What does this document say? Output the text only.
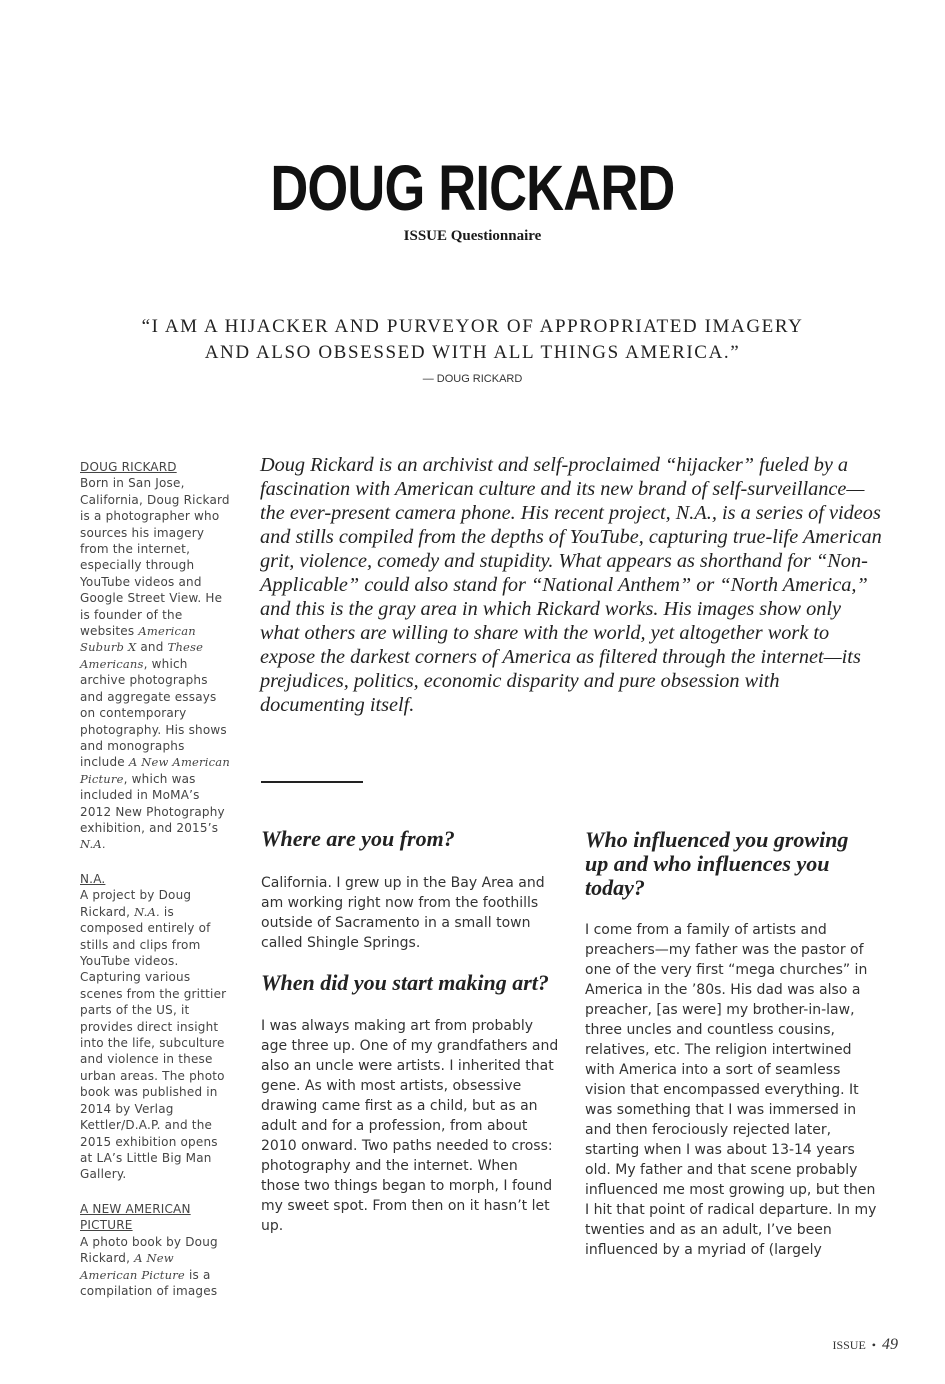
DOUG RICKARD
ISSUE Questionnaire
“I AM A HIJACKER AND PURVEYOR OF APPROPRIATED IMAGERY
AND ALSO OBSESSED WITH ALL THINGS AMERICA.”
— DOUG RICKARD
DOUG RICKARD

Born in San Jose, California, Doug Rickard is a photographer who sources his imagery from the internet, especially through YouTube videos and Google Street View. He is founder of the websites American Suburb X and These Americans, which archive photographs and aggregate essays on contemporary photography. His shows and monographs include A New American Picture, which was included in MoMA’s 2012 New Photography exhibition, and 2015’s N.A.

N.A.

A project by Doug Rickard, N.A. is composed entirely of stills and clips from YouTube videos. Capturing various scenes from the grittier parts of the US, it provides direct insight into the life, subculture and violence in these urban areas. The photo book was published in 2014 by Verlag Kettler/D.A.P. and the 2015 exhibition opens at LA’s Little Big Man Gallery.

A NEW AMERICAN PICTURE

A photo book by Doug Rickard, A New American Picture is a compilation of images

Doug Rickard is an archivist and self-proclaimed “hijacker” fueled by a fascination with American culture and its new brand of self-surveillance—the ever-present camera phone. His recent project, N.A., is a series of videos and stills compiled from the depths of YouTube, capturing true-life American grit, violence, comedy and stupidity. What appears as shorthand for “Non-Applicable” could also stand for “National Anthem” or “North America,” and this is the gray area in which Rickard works. His images show only what others are willing to share with the world, yet altogether work to expose the darkest corners of America as filtered through the internet—its prejudices, politics, economic disparity and pure obsession with documenting itself.
Where are you from?

California. I grew up in the Bay Area and am working right now from the foothills outside of Sacramento in a small town called Shingle Springs.

When did you start making art?

I was always making art from probably age three up. One of my grandfathers and also an uncle were artists. I inherited that gene. As with most artists, obsessive drawing came first as a child, but as an adult and for a profession, from about 2010 onward. Two paths needed to cross: photography and the internet. When those two things began to morph, I found my sweet spot. From then on it hasn’t let up.

Who influenced you growing up and who influences you today?

I come from a family of artists and preachers—my father was the pastor of one of the very first “mega churches” in America in the ’80s. His dad was also a preacher, [as were] my brother-in-law, three uncles and countless cousins, relatives, etc. The religion intertwined with America into a sort of seamless vision that encompassed everything. It was something that I was immersed in and then ferociously rejected later, starting when I was about 13-14 years old. My father and that scene probably influenced me most growing up, but then I hit that point of radical departure. In my twenties and as an adult, I’ve been influenced by a myriad of (largely

ISSUE • 49
